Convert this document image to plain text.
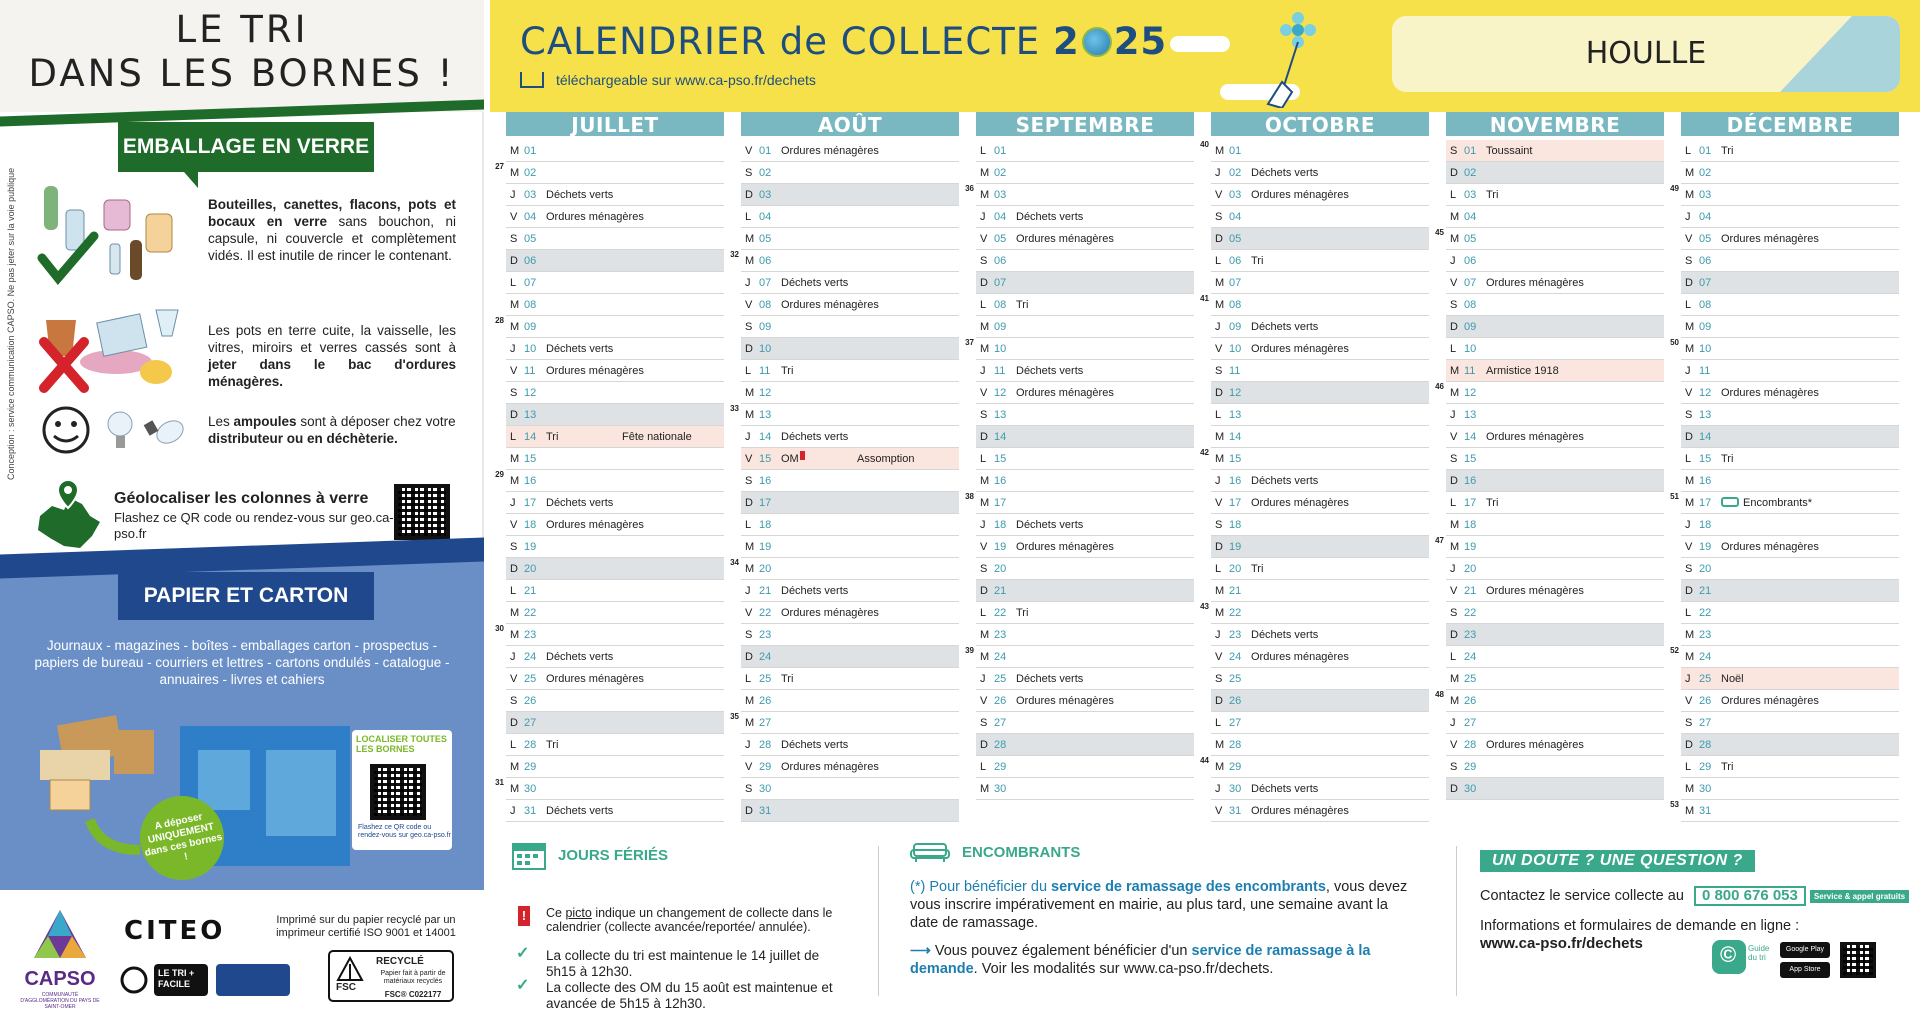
LE TRI
DANS LES BORNES !
EMBALLAGE EN VERRE
Conception : service communication CAPSO. Ne pas jeter sur la voie publique	Bouteilles, canettes, flacons, pots et bocaux en verre sans bouchon, ni capsule, ni couvercle et complètement vidés. Il est inutile de rincer le contenant.
Les pots en terre cuite, la vaisselle, les vitres, miroirs et verres cassés sont à jeter dans le bac d'ordures ménagères.
Les ampoules sont à déposer chez votre distributeur ou en déchèterie.
Géolocaliser les colonnes à verre
Flashez ce QR code ou rendez-vous sur geo.ca-pso.fr
PAPIER ET CARTON
Journaux - magazines - boîtes - emballages carton - prospectus - papiers de bureau - courriers et lettres - cartons ondulés - catalogue - annuaires - livres et cahiers
LOCALISER TOUTES LES BORNES
Flashez ce QR code ou rendez-vous sur geo.ca-pso.fr
A déposer UNIQUEMENT dans ces bornes !
CAPSO
COMMUNAUTÉ D'AGGLOMÉRATION DU PAYS DE SAINT-OMER
CITEO	Imprimé sur du papier recyclé par un imprimeur certifié ISO 9001 et 14001
LE TRI + FACILE	FSC
RECYCLÉ
Papier fait à partir de matériaux recyclés
FSC® C022177
CALENDRIER de COLLECTE 2 25
téléchargeable sur www.ca-pso.fr/dechets
HOULLE
JUILLET
M 01
27
M 02
J 03 Déchets verts
V 04 Ordures ménagères
S 05
D 06
L 07
M 08
28
M 09
J 10 Déchets verts
V 11 Ordures ménagères
S 12
D 13
L 14 Tri	Fête nationale
M 15
29
M 16
J 17 Déchets verts
V 18 Ordures ménagères
S 19
D 20
L 21
M 22
30
M 23
J 24 Déchets verts
V 25 Ordures ménagères
S 26
D 27
L 28 Tri
M 29
31
M 30
J 31 Déchets verts
AOÛT
V 01 Ordures ménagères
S 02
D 03
L 04
M 05
32
M 06
J 07 Déchets verts
V 08 Ordures ménagères
S 09
D 10
L 11 Tri
M 12
33
M 13
J 14 Déchets verts
V 15 OM	Assomption
S 16
D 17
L 18
M 19
34
M 20
J 21 Déchets verts
V 22 Ordures ménagères
S 23
D 24
L 25 Tri
M 26
35
M 27
J 28 Déchets verts
V 29 Ordures ménagères
S 30
D 31
SEPTEMBRE
L 01
M 02
36
M 03
J 04 Déchets verts
V 05 Ordures ménagères
S 06
D 07
L 08 Tri
M 09
37
M 10
J 11 Déchets verts
V 12 Ordures ménagères
S 13
D 14
L 15
M 16
38
M 17
J 18 Déchets verts
V 19 Ordures ménagères
S 20
D 21
L 22 Tri
M 23
39
M 24
J 25 Déchets verts
V 26 Ordures ménagères
S 27
D 28
L 29
M 30
OCTOBRE
40
M 01
J 02 Déchets verts
V 03 Ordures ménagères
S 04
D 05
L 06 Tri
M 07
41
M 08
J 09 Déchets verts
V 10 Ordures ménagères
S 11
D 12
L 13
M 14
42
M 15
J 16 Déchets verts
V 17 Ordures ménagères
S 18
D 19
L 20 Tri
M 21
43
M 22
J 23 Déchets verts
V 24 Ordures ménagères
S 25
D 26
L 27
M 28
44
M 29
J 30 Déchets verts
V 31 Ordures ménagères
NOVEMBRE
S 01 Toussaint
D 02
L 03 Tri
M 04
45
M 05
J 06
V 07 Ordures ménagères
S 08
D 09
L 10
M 11 Armistice 1918
46
M 12
J 13
V 14 Ordures ménagères
S 15
D 16
L 17 Tri
M 18
47
M 19
J 20
V 21 Ordures ménagères
S 22
D 23
L 24
M 25
48
M 26
J 27
V 28 Ordures ménagères
S 29
D 30
DÉCEMBRE
L 01 Tri
M 02
49
M 03
J 04
V 05 Ordures ménagères
S 06
D 07
L 08
M 09
50
M 10
J 11
V 12 Ordures ménagères
S 13
D 14
L 15 Tri
M 16
51
M 17	Encombrants*
J 18
V 19 Ordures ménagères
S 20
D 21
L 22
M 23
52
M 24
J 25 Noël
V 26 Ordures ménagères
S 27
D 28
L 29 Tri
M 30
53
M 31
JOURS FÉRIÉS
!	Ce picto indique un changement de collecte dans le calendrier (collecte avancée/reportée/ annulée).
✓ La collecte du tri est maintenue le 14 juillet de 5h15 à 12h30.
✓ La collecte des OM du 15 août est maintenue et avancée de 5h15 à 12h30.
ENCOMBRANTS
(*) Pour bénéficier du service de ramassage des encombrants, vous devez vous inscrire impérativement en mairie, au plus tard, une semaine avant la date de ramassage.
⟶ Vous pouvez également bénéficier d'un service de ramassage à la demande. Voir les modalités sur www.ca-pso.fr/dechets.
UN DOUTE ? UNE QUESTION ?
Contactez le service collecte au 0 800 676 053 Service & appel gratuits
Informations et formulaires de demande en ligne :
www.ca-pso.fr/dechets	© Guide du tri
Google Play
App Store
